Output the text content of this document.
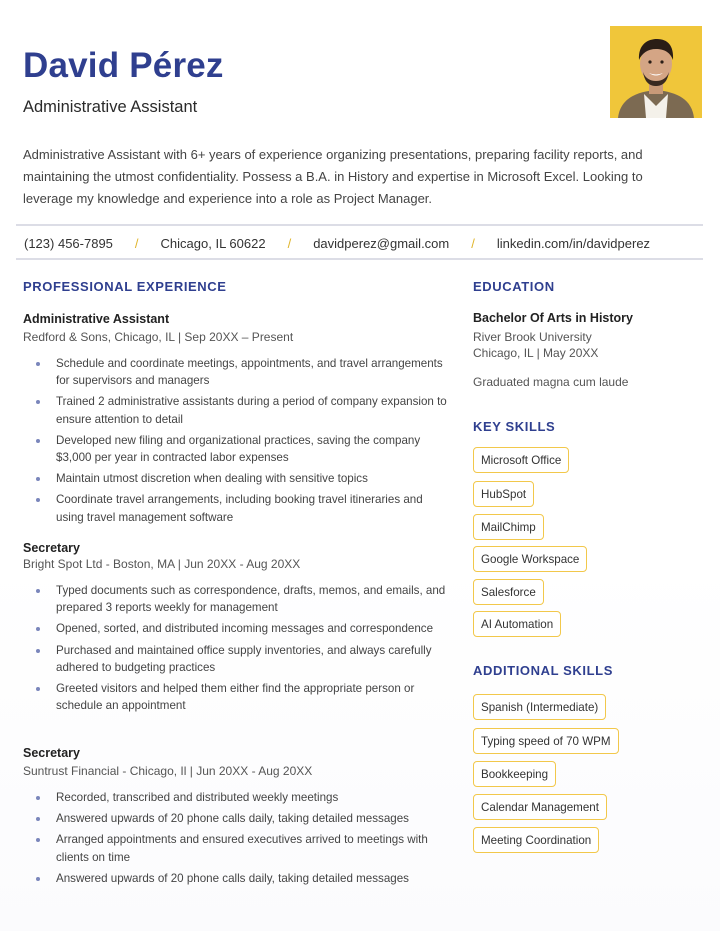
David Pérez
Administrative Assistant
Administrative Assistant with 6+ years of experience organizing presentations, preparing facility reports, and maintaining the utmost confidentiality. Possess a B.A. in History and expertise in Microsoft Excel. Looking to leverage my knowledge and experience into a role as Project Manager.
(123) 456-7895 / Chicago, IL 60622 / davidperez@gmail.com / linkedin.com/in/davidperez
PROFESSIONAL EXPERIENCE
Administrative Assistant
Redford & Sons, Chicago, IL | Sep 20XX – Present
Schedule and coordinate meetings, appointments, and travel arrangements for supervisors and managers
Trained 2 administrative assistants during a period of company expansion to ensure attention to detail
Developed new filing and organizational practices, saving the company $3,000 per year in contracted labor expenses
Maintain utmost discretion when dealing with sensitive topics
Coordinate travel arrangements, including booking travel itineraries and using travel management software
Secretary
Bright Spot Ltd - Boston, MA | Jun 20XX - Aug 20XX
Typed documents such as correspondence, drafts, memos, and emails, and prepared 3 reports weekly for management
Opened, sorted, and distributed incoming messages and correspondence
Purchased and maintained office supply inventories, and always carefully adhered to budgeting practices
Greeted visitors and helped them either find the appropriate person or schedule an appointment
Secretary
Suntrust Financial - Chicago, Il | Jun 20XX - Aug 20XX
Recorded, transcribed and distributed weekly meetings
Answered upwards of 20 phone calls daily, taking detailed messages
Arranged appointments and ensured executives arrived to meetings with clients on time
Answered upwards of 20 phone calls daily, taking detailed messages
EDUCATION
Bachelor Of Arts in History
River Brook University
Chicago, IL | May 20XX
Graduated magna cum laude
KEY SKILLS
Microsoft Office
HubSpot
MailChimp
Google Workspace
Salesforce
AI Automation
ADDITIONAL SKILLS
Spanish (Intermediate)
Typing speed of 70 WPM
Bookkeeping
Calendar Management
Meeting Coordination
